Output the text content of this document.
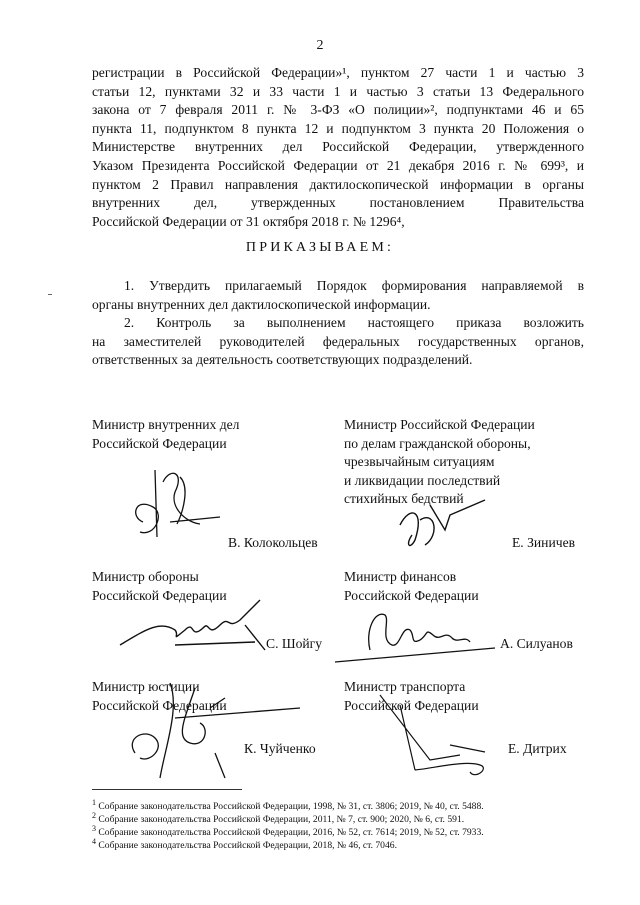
2
регистрации в Российской Федерации»¹, пунктом 27 части 1 и частью 3
статьи 12, пунктами 32 и 33 части 1 и частью 3 статьи 13 Федерального
закона от 7 февраля 2011 г. № 3-ФЗ «О полиции»², подпунктами 46 и 65
пункта 11, подпунктом 8 пункта 12 и подпунктом 3 пункта 20 Положения о
Министерстве внутренних дел Российской Федерации, утвержденного
Указом Президента Российской Федерации от 21 декабря 2016 г. № 699³, и
пунктом 2 Правил направления дактилоскопической информации в органы
внутренних дел, утвержденных постановлением Правительства
Российской Федерации от 31 октября 2018 г. № 1296⁴,
ПРИКАЗЫВАЕМ:
1. Утвердить прилагаемый Порядок формирования направляемой в
органы внутренних дел дактилоскопической информации.
2. Контроль за выполнением настоящего приказа возложить
на заместителей руководителей федеральных государственных органов,
ответственных за деятельность соответствующих подразделений.
Министр внутренних дел
Российской Федерации
В. Колокольцев
Министр Российской Федерации
по делам гражданской обороны,
чрезвычайным ситуациям
и ликвидации последствий
стихийных бедствий
Е. Зиничев
Министр обороны
Российской Федерации
С. Шойгу
Министр финансов
Российской Федерации
А. Силуанов
Министр юстиции
Российской Федерации
К. Чуйченко
Министр транспорта
Российской Федерации
Е. Дитрих
$^1$ Собрание законодательства Российской Федерации, 1998, № 31, ст. 3806; 2019, № 40, ст. 5488.
$^2$ Собрание законодательства Российской Федерации, 2011, № 7, ст. 900; 2020, № 6, ст. 591.
$^3$ Собрание законодательства Российской Федерации, 2016, № 52, ст. 7614; 2019, № 52, ст. 7933.
$^4$ Собрание законодательства Российской Федерации, 2018, № 46, ст. 7046.
